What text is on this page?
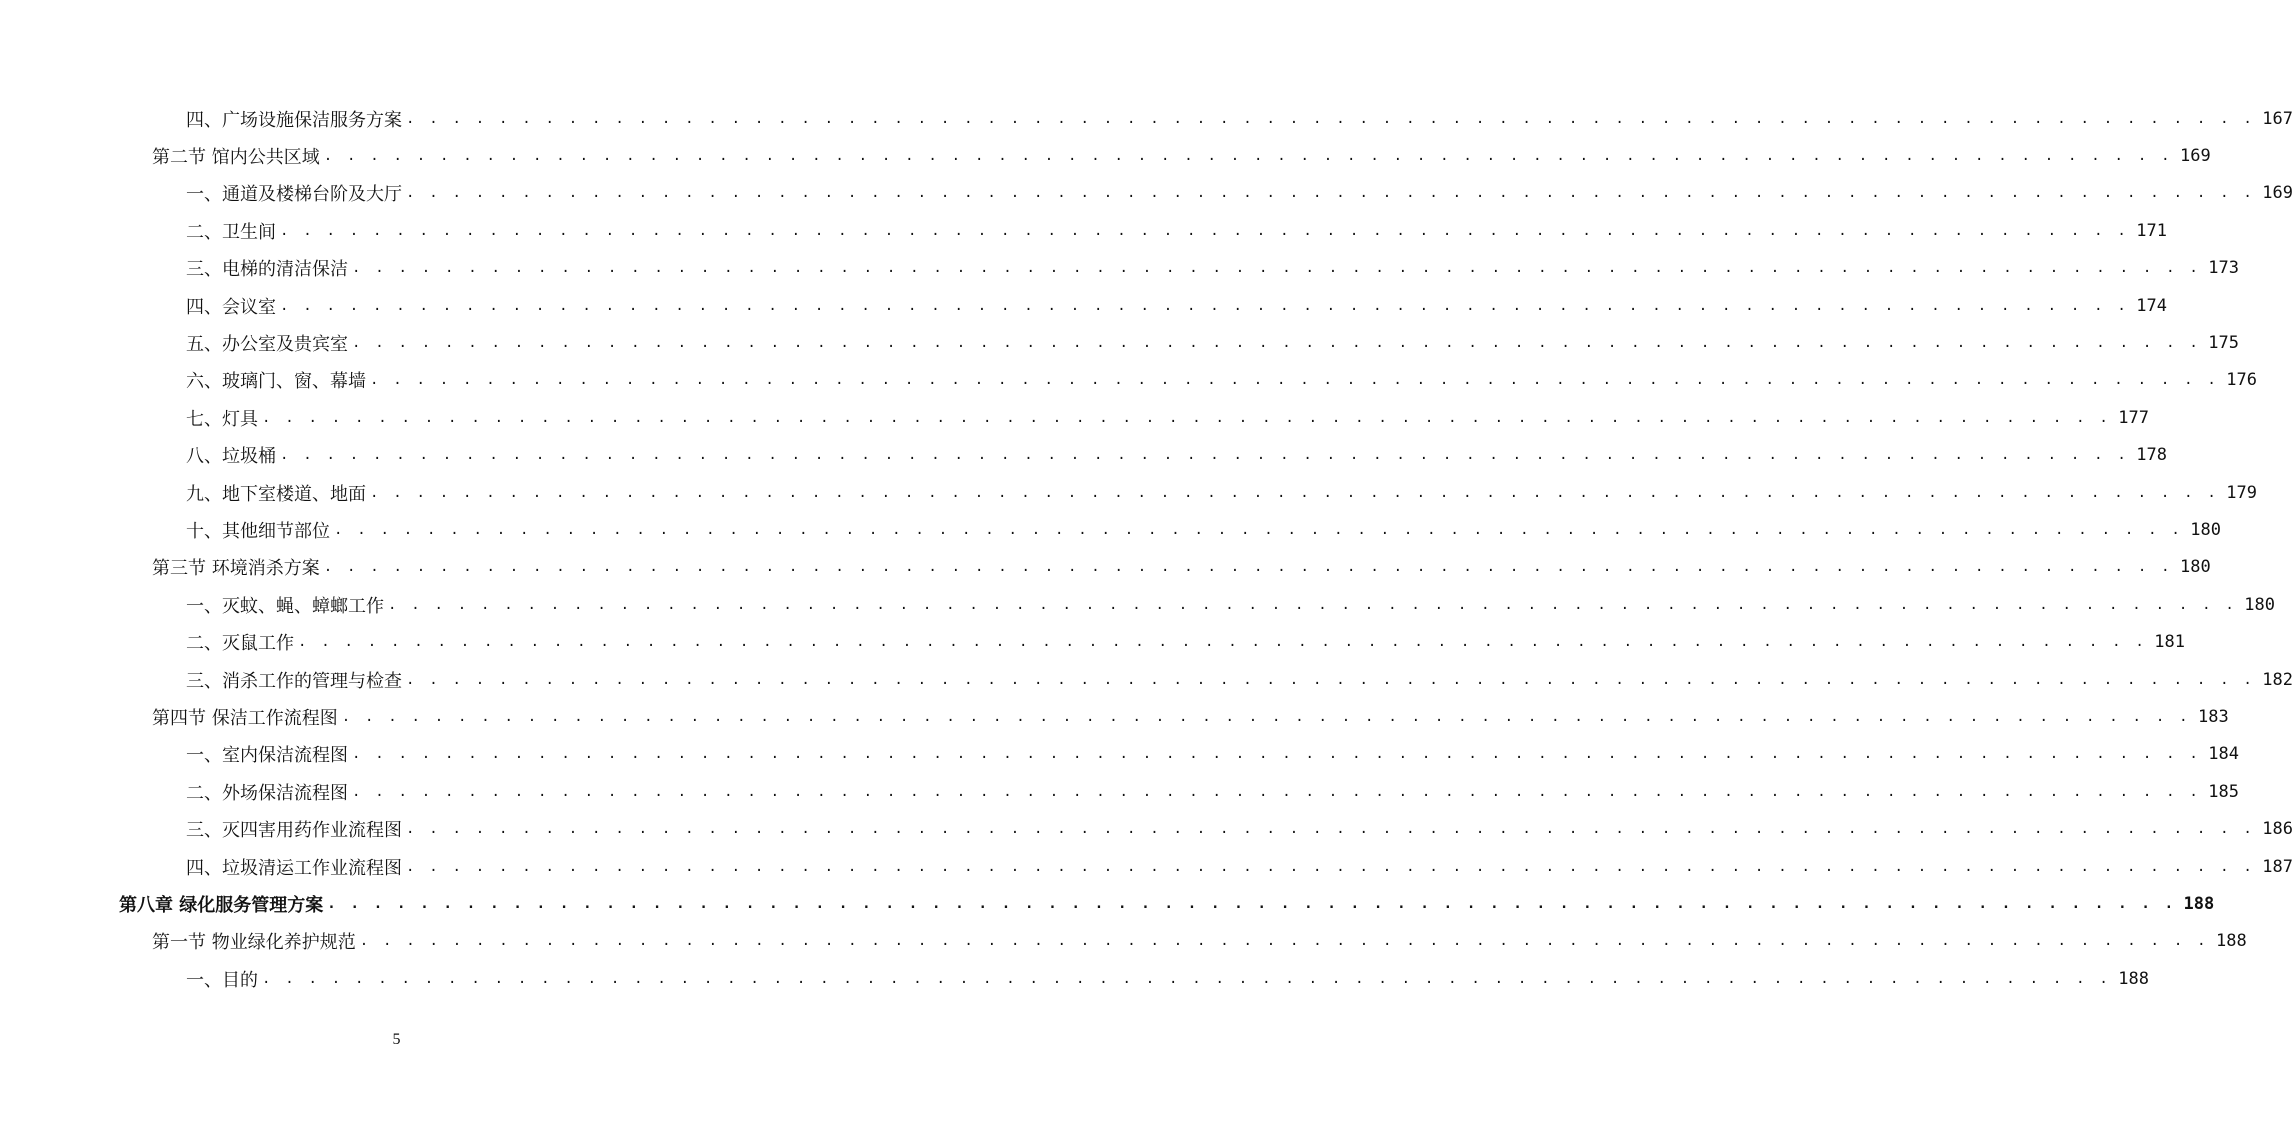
四、广场设施保洁服务方案 . . . . . . . . . . . . . . . . . . . . . . . . . . . . . . . . . . . . . . . . . . . . . . . . . . . . . . . . . . . . . . . . . . . . . . . . . . . . . . . . 167
第二节 馆内公共区域 . . . . . . . . . . . . . . . . . . . . . . . . . . . . . . . . . . . . . . . . . . . . . . . . . . . . . . . . . . . . . . . . . . . . . . . . . . . . . . . . 169
一、通道及楼梯台阶及大厅 . . . . . . . . . . . . . . . . . . . . . . . . . . . . . . . . . . . . . . . . . . . . . . . . . . . . . . . . . . . . . . . . . . . . . . . . . . . . . . . . 169
二、卫生间 . . . . . . . . . . . . . . . . . . . . . . . . . . . . . . . . . . . . . . . . . . . . . . . . . . . . . . . . . . . . . . . . . . . . . . . . . . . . . . . . 171
三、电梯的清洁保洁 . . . . . . . . . . . . . . . . . . . . . . . . . . . . . . . . . . . . . . . . . . . . . . . . . . . . . . . . . . . . . . . . . . . . . . . . . . . . . . . . 173
四、会议室 . . . . . . . . . . . . . . . . . . . . . . . . . . . . . . . . . . . . . . . . . . . . . . . . . . . . . . . . . . . . . . . . . . . . . . . . . . . . . . . . 174
五、办公室及贵宾室 . . . . . . . . . . . . . . . . . . . . . . . . . . . . . . . . . . . . . . . . . . . . . . . . . . . . . . . . . . . . . . . . . . . . . . . . . . . . . . . . 175
六、玻璃门、窗、幕墙 . . . . . . . . . . . . . . . . . . . . . . . . . . . . . . . . . . . . . . . . . . . . . . . . . . . . . . . . . . . . . . . . . . . . . . . . . . . . . . . . 176
七、灯具 . . . . . . . . . . . . . . . . . . . . . . . . . . . . . . . . . . . . . . . . . . . . . . . . . . . . . . . . . . . . . . . . . . . . . . . . . . . . . . . . 177
八、垃圾桶 . . . . . . . . . . . . . . . . . . . . . . . . . . . . . . . . . . . . . . . . . . . . . . . . . . . . . . . . . . . . . . . . . . . . . . . . . . . . . . . . 178
九、地下室楼道、地面 . . . . . . . . . . . . . . . . . . . . . . . . . . . . . . . . . . . . . . . . . . . . . . . . . . . . . . . . . . . . . . . . . . . . . . . . . . . . . . . . 179
十、其他细节部位 . . . . . . . . . . . . . . . . . . . . . . . . . . . . . . . . . . . . . . . . . . . . . . . . . . . . . . . . . . . . . . . . . . . . . . . . . . . . . . . . 180
第三节 环境消杀方案 . . . . . . . . . . . . . . . . . . . . . . . . . . . . . . . . . . . . . . . . . . . . . . . . . . . . . . . . . . . . . . . . . . . . . . . . . . . . . . . . 180
一、灭蚊、蝇、蟑螂工作 . . . . . . . . . . . . . . . . . . . . . . . . . . . . . . . . . . . . . . . . . . . . . . . . . . . . . . . . . . . . . . . . . . . . . . . . . . . . . . . . 180
二、灭鼠工作 . . . . . . . . . . . . . . . . . . . . . . . . . . . . . . . . . . . . . . . . . . . . . . . . . . . . . . . . . . . . . . . . . . . . . . . . . . . . . . . . 181
三、消杀工作的管理与检查 . . . . . . . . . . . . . . . . . . . . . . . . . . . . . . . . . . . . . . . . . . . . . . . . . . . . . . . . . . . . . . . . . . . . . . . . . . . . . . . . 182
第四节 保洁工作流程图 . . . . . . . . . . . . . . . . . . . . . . . . . . . . . . . . . . . . . . . . . . . . . . . . . . . . . . . . . . . . . . . . . . . . . . . . . . . . . . . . 183
一、室内保洁流程图 . . . . . . . . . . . . . . . . . . . . . . . . . . . . . . . . . . . . . . . . . . . . . . . . . . . . . . . . . . . . . . . . . . . . . . . . . . . . . . . . 184
二、外场保洁流程图 . . . . . . . . . . . . . . . . . . . . . . . . . . . . . . . . . . . . . . . . . . . . . . . . . . . . . . . . . . . . . . . . . . . . . . . . . . . . . . . . 185
三、灭四害用药作业流程图 . . . . . . . . . . . . . . . . . . . . . . . . . . . . . . . . . . . . . . . . . . . . . . . . . . . . . . . . . . . . . . . . . . . . . . . . . . . . . . . . 186
四、垃圾清运工作业流程图 . . . . . . . . . . . . . . . . . . . . . . . . . . . . . . . . . . . . . . . . . . . . . . . . . . . . . . . . . . . . . . . . . . . . . . . . . . . . . . . . 187
第八章 绿化服务管理方案 . . . . . . . . . . . . . . . . . . . . . . . . . . . . . . . . . . . . . . . . . . . . . . . . . . . . . . . . . . . . . . . . . . . . . . . . . . . . . . . . 188
第一节 物业绿化养护规范 . . . . . . . . . . . . . . . . . . . . . . . . . . . . . . . . . . . . . . . . . . . . . . . . . . . . . . . . . . . . . . . . . . . . . . . . . . . . . . . . 188
一、目的 . . . . . . . . . . . . . . . . . . . . . . . . . . . . . . . . . . . . . . . . . . . . . . . . . . . . . . . . . . . . . . . . . . . . . . . . . . . . . . . . 188
5
